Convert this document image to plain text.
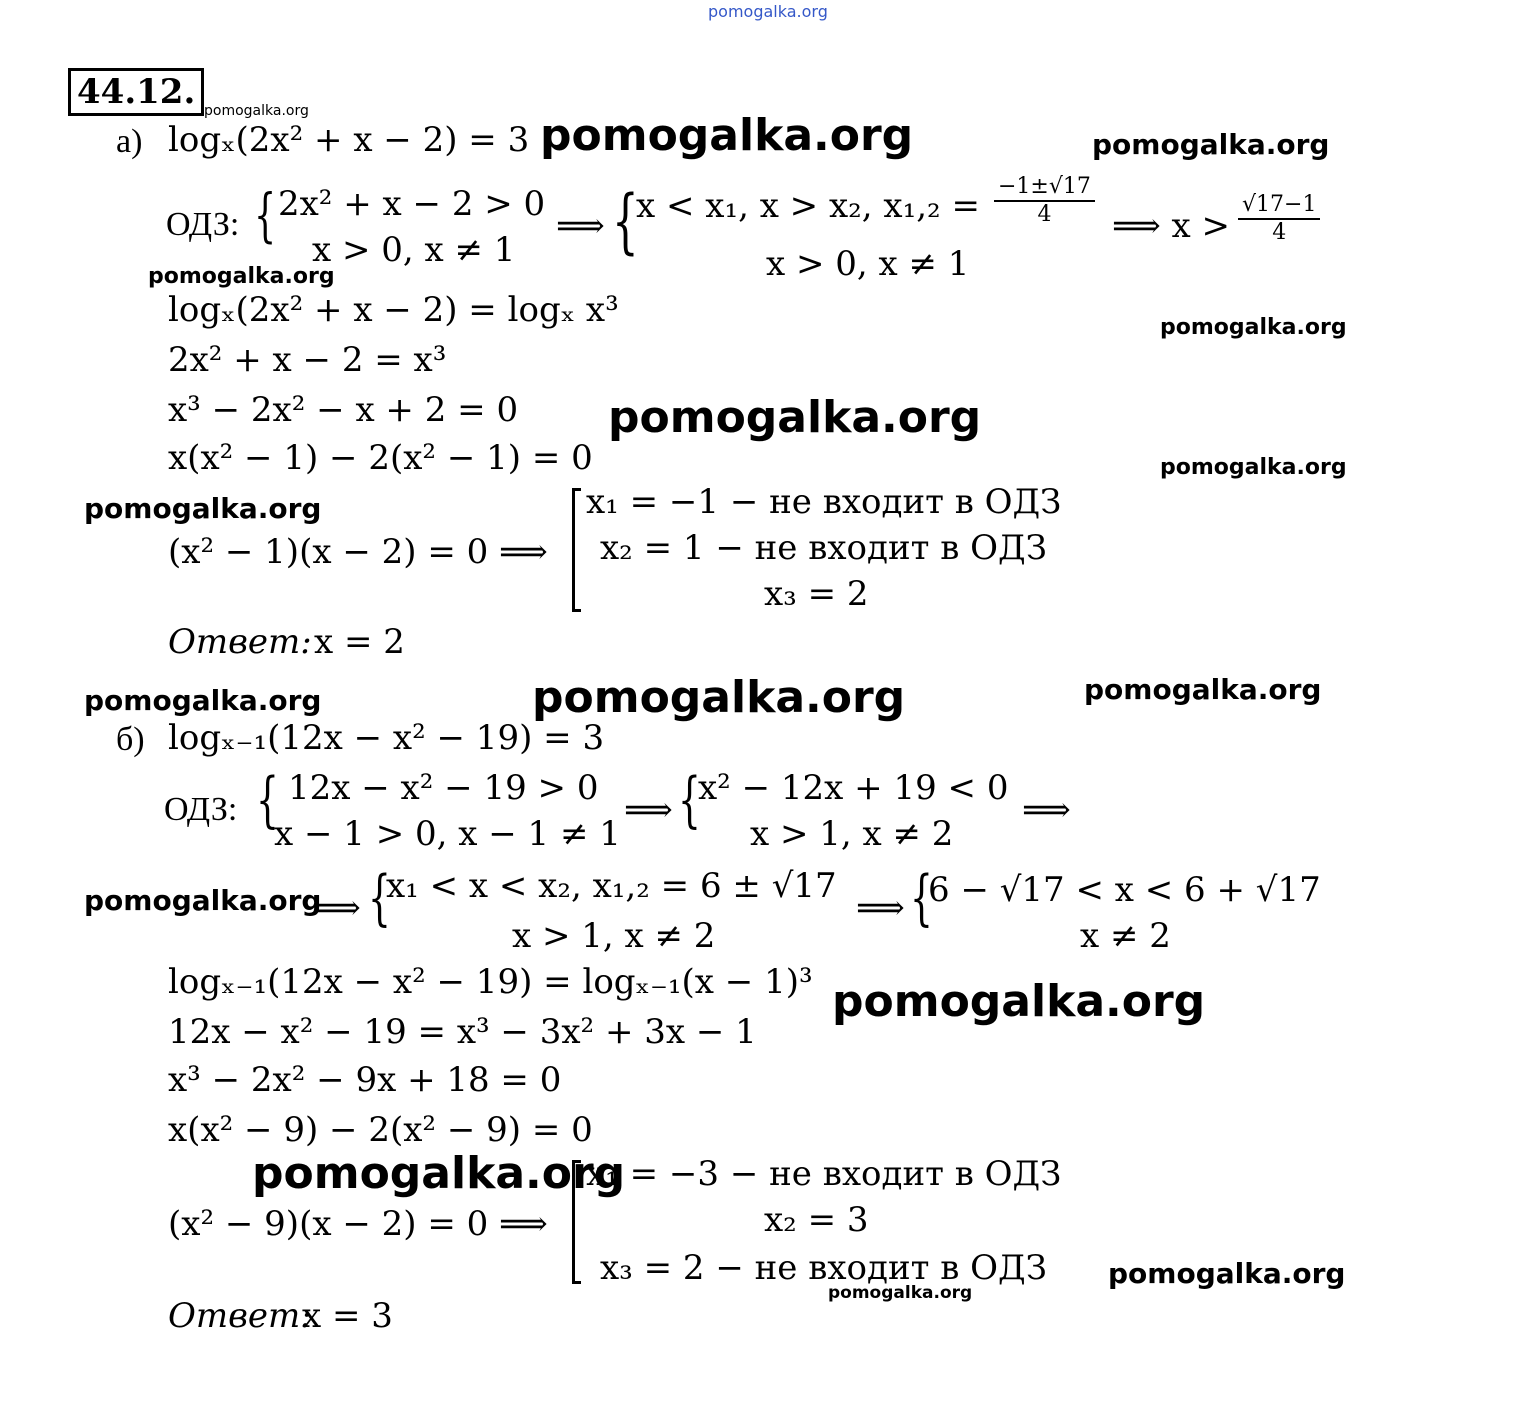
pomogalka.org
44.12. pomogalka.org
а) logₓ(2x² + x − 2) = 3 pomogalka.org	pomogalka.org
ОДЗ: { 2x² + x − 2 > 0
x > 0, x ≠ 1
⟹ {
x < x₁, x > x₂, $x_1,_2 = \frac{-1\pm√17}{4}$
x > 0, x ≠ 1
⟹ $x > \frac{√17-1}{4}$
pomogalka.org
logₓ(2x² + x − 2) = logₓ x³	pomogalka.org
2x² + x − 2 = x³
x³ − 2x² − x + 2 = 0 pomogalka.org
x(x² − 1) − 2(x² − 1) = 0	pomogalka.org
pomogalka.org
(x² − 1)(x − 2) = 0 ⟹
x₁ = −1 − не входит в ОДЗ
x₂ = 1 − не входит в ОДЗ
x₃ = 2
Ответ: x = 2
pomogalka.org	pomogalka.org	pomogalka.org
б) logₓ₋₁(12x − x² − 19) = 3
ОДЗ: { 12x − x² − 19 > 0
x − 1 > 0, x − 1 ≠ 1
⟹ {
x² − 12x + 19 < 0
x > 1, x ≠ 2
⟹
pomogalka.org
⟹ {
x₁ < x < x₂, x₁,₂ = 6 ± √17
x > 1, x ≠ 2
⟹ {
6 − √17 < x < 6 + √17
x ≠ 2
logₓ₋₁(12x − x² − 19) = logₓ₋₁(x − 1)³ pomogalka.org
12x − x² − 19 = x³ − 3x² + 3x − 1
x³ − 2x² − 9x + 18 = 0
x(x² − 9) − 2(x² − 9) = 0
pomogalka.org
(x² − 9)(x − 2) = 0 ⟹
x₁ = −3 − не входит в ОДЗ
x₂ = 3
x₃ = 2 − не входит в ОДЗ pomogalka.org
pomogalka.org
Ответ:
x = 3
